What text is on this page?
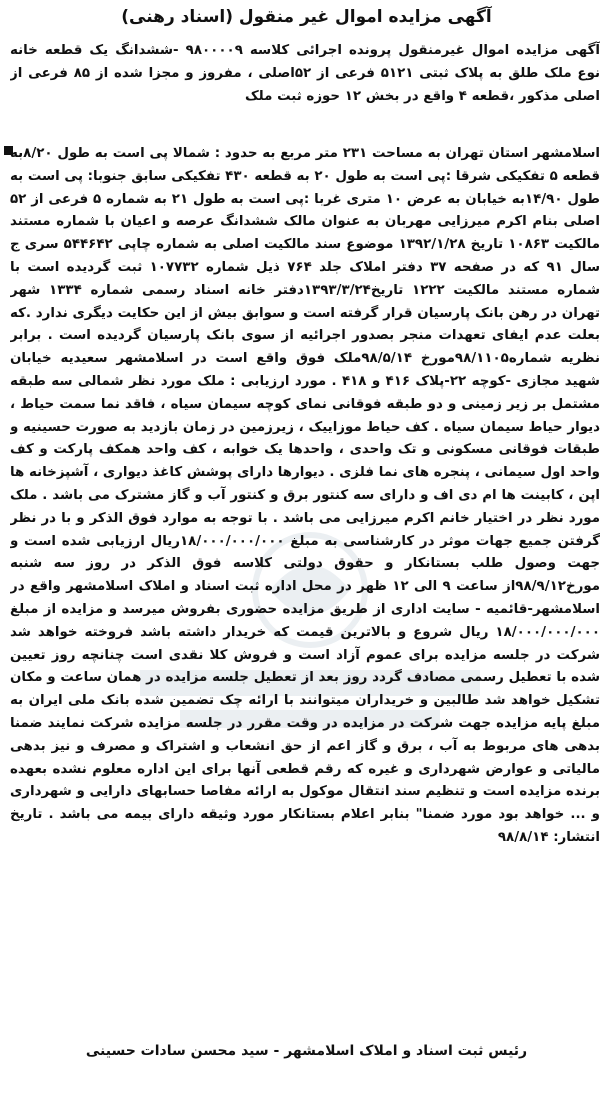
آگهی مزایده اموال غیر منقول (اسناد رهنی)
آگهی مزایده اموال غیرمنقول پرونده اجرائی کلاسه ۹۸۰۰۰۰۹ -ششدانگ یک قطعه خانه نوع ملک طلق به پلاک ثبتی ۵۱۲۱ فرعی از ۵۲اصلی ، مفروز و مجزا شده از ۸۵ فرعی از اصلی مذکور ،قطعه ۴ واقع در بخش ۱۲ حوزه ثبت ملک
اسلامشهر استان تهران به مساحت ۲۳۱ متر مربع به حدود : شمالا پی است به طول ۸/۲۰به قطعه ۵ تفکیکی شرقا :پی است به طول ۲۰ به قطعه ۴۳۰ تفکیکی سابق جنوبا: پی است به طول ۱۴/۹۰به خیابان به عرض ۱۰ متری غربا :پی است به طول ۲۱ به شماره ۵ فرعی از ۵۲ اصلی بنام اکرم میرزایی مهربان به عنوان مالک ششدانگ عرصه و اعیان با شماره مستند مالکیت ۱۰۸۶۳ تاریخ ۱۳۹۲/۱/۲۸ موضوع سند مالکیت اصلی به شماره چاپی ۵۴۴۶۴۲ سری ج سال ۹۱ که در صفحه ۳۷ دفتر املاک جلد ۷۶۴ ذیل شماره ۱۰۷۷۳۲ ثبت گردیده است با شماره مستند مالکیت ۱۲۲۲ تاریخ۱۳۹۳/۳/۲۴دفتر خانه اسناد رسمی شماره ۱۳۳۴ شهر تهران در رهن بانک پارسیان قرار گرفته است و سوابق بیش از این حکایت دیگری ندارد .که بعلت عدم ایفای تعهدات منجر بصدور اجرائیه از سوی بانک پارسیان گردیده است . برابر نظریه شماره۹۸/۱۱۰۵مورخ ۹۸/۵/۱۴ملک فوق واقع است در اسلامشهر سعیدیه خیابان شهید مجازی -کوچه ۲۲-پلاک ۴۱۶ و ۴۱۸ . مورد ارزیابی : ملک مورد نظر شمالی سه طبقه مشتمل بر زیر زمینی و دو طبقه فوقانی نمای کوچه سیمان سیاه ، فاقد نما سمت حیاط ، دیوار حیاط سیمان سیاه . کف حیاط موزاییک ، زیرزمین در زمان بازدید به صورت حسینیه و طبقات فوقانی مسکونی و تک واحدی ، واحدها یک خوابه ، کف واحد همکف پارکت و کف واحد اول سیمانی ، پنجره های نما فلزی . دیوارها دارای پوشش کاغذ دیواری ، آشپزخانه ها اپن ، کابینت ها ام دی اف و دارای سه کنتور برق و کنتور آب و گاز مشترک می باشد . ملک مورد نظر در اختیار خانم اکرم میرزایی می باشد . با توجه به موارد فوق الذکر و با در نظر گرفتن جمیع جهات موثر در کارشناسی به مبلغ ۱۸/۰۰۰/۰۰۰/۰۰۰ریال ارزیابی شده است و جهت وصول طلب بستانکار و حقوق دولتی کلاسه فوق الذکر در روز سه شنبه مورخ۹۸/۹/۱۲از ساعت ۹ الی ۱۲ ظهر در محل اداره ثبت اسناد و املاک اسلامشهر واقع در اسلامشهر-قائمیه - سایت اداری از طریق مزایده حضوری بفروش میرسد و مزایده از مبلغ ۱۸/۰۰۰/۰۰۰/۰۰۰ ریال شروع و بالاترین قیمت که خریدار داشته باشد فروخته خواهد شد شرکت در جلسه مزایده برای عموم آزاد است و فروش کلا نقدی است چنانچه روز تعیین شده با تعطیل رسمی مصادف گردد روز بعد از تعطیل جلسه مزایده در همان ساعت و مکان تشکیل خواهد شد طالبین و خریداران میتوانند با ارائه چک تضمین شده بانک ملی ایران به مبلغ پایه مزایده جهت شرکت در مزایده در وقت مقرر در جلسه مزایده شرکت نمایند ضمنا بدهی های مربوط به آب ، برق و گاز اعم از حق انشعاب و اشتراک و مصرف و نیز بدهی مالیاتی و عوارض شهرداری و غیره که رقم قطعی آنها برای این اداره معلوم نشده بعهده برنده مزایده است و تنظیم سند انتقال موکول به ارائه مفاصا حسابهای دارایی و شهرداری و ... خواهد بود مورد ضمنا" بنابر اعلام بستانکار مورد وثیقه دارای بیمه می باشد . تاریخ انتشار: ۹۸/۸/۱۴
رئیس ثبت اسناد و املاک اسلامشهر - سید محسن سادات حسینی
